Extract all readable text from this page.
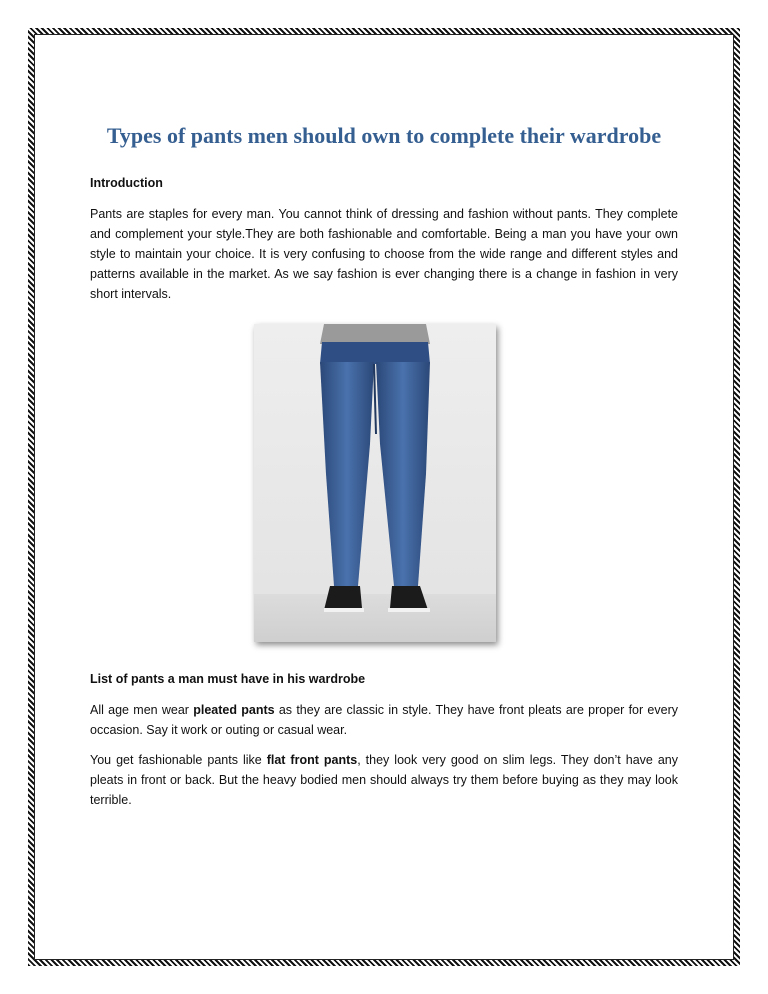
Types of pants men should own to complete their wardrobe
Introduction

Pants are staples for every man. You cannot think of dressing and fashion without pants. They complete and complement your style.They are both fashionable and comfortable. Being a man you have your own style to maintain your choice. It is very confusing to choose from the wide range and different styles and patterns available in the market. As we say fashion is ever changing there is a change in fashion in very short intervals.

List of pants a man must have in his wardrobe

All age men wear pleated pants as they are classic in style. They have front pleats are proper for every occasion. Say it work or outing or casual wear.

You get fashionable pants like flat front pants, they look very good on slim legs. They don’t have any pleats in front or back. But the heavy bodied men should always try them before buying as they may look terrible.
